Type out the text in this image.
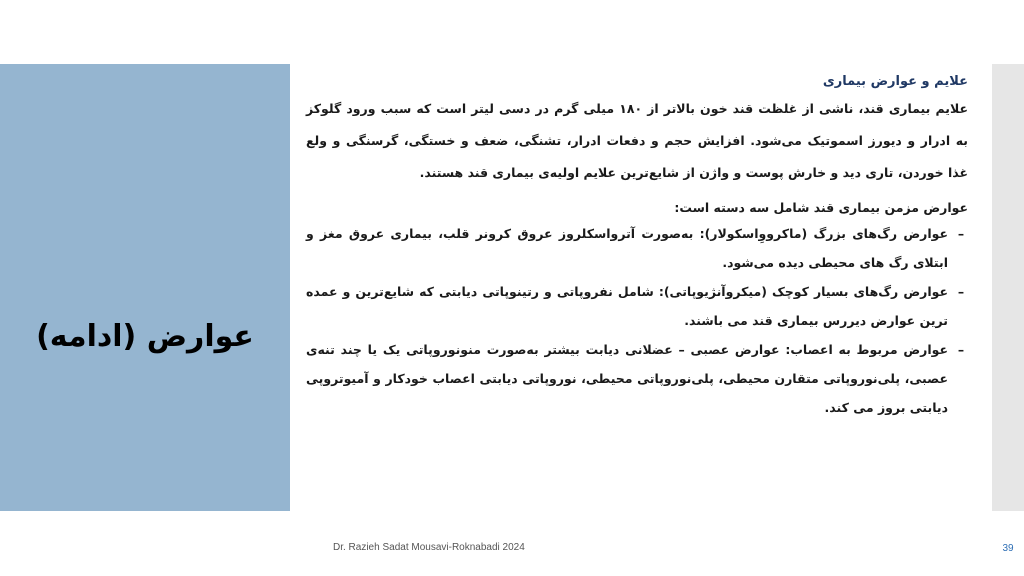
عوارض (ادامه)
علایم و عوارض بیماری

علایم بیماری قند، ناشی از غلظت قند خون بالاتر از ۱۸۰ میلی گرم در دسی لیتر است که سبب ورود گلوکز به ادرار و دیورز اسموتیک می‌شود. افزایش حجم و دفعات ادرار، تشنگی، ضعف و خستگی، گرسنگی و ولع غذا خوردن، تاری دید و خارش پوست و واژن از شایع‌ترین علایم اولیه‌ی بیماری قند هستند.

عوارض مزمن بیماری قند شامل سه دسته است:

–
عوارض رگ‌های بزرگ (ماکرووِاسکولار): به‌صورت آترواسکلروز عروق کرونر قلب، بیماری عروق مغز و ابتلای رگ های محیطی دیده می‌شود.
–
عوارض رگ‌های بسیار کوچک (میکروآنژیوپاتی): شامل نفروپاتی و رتینوپاتی دیابتی که شایع‌ترین و عمده ترین عوارض دیررس بیماری قند می باشند.
–
عوارض مربوط به اعصاب: عوارض عصبی – عضلانی دیابت بیشتر به‌صورت منونوروپاتی یک یا چند تنه‌ی عصبی، پلی‌نوروپاتی متقارن محیطی، پلی‌نوروپاتی محیطی، نوروپاتی دیابتی اعصاب خودکار و آمیوتروپی دیابتی بروز می کند.
Dr. Razieh Sadat Mousavi-Roknabadi 2024	39
